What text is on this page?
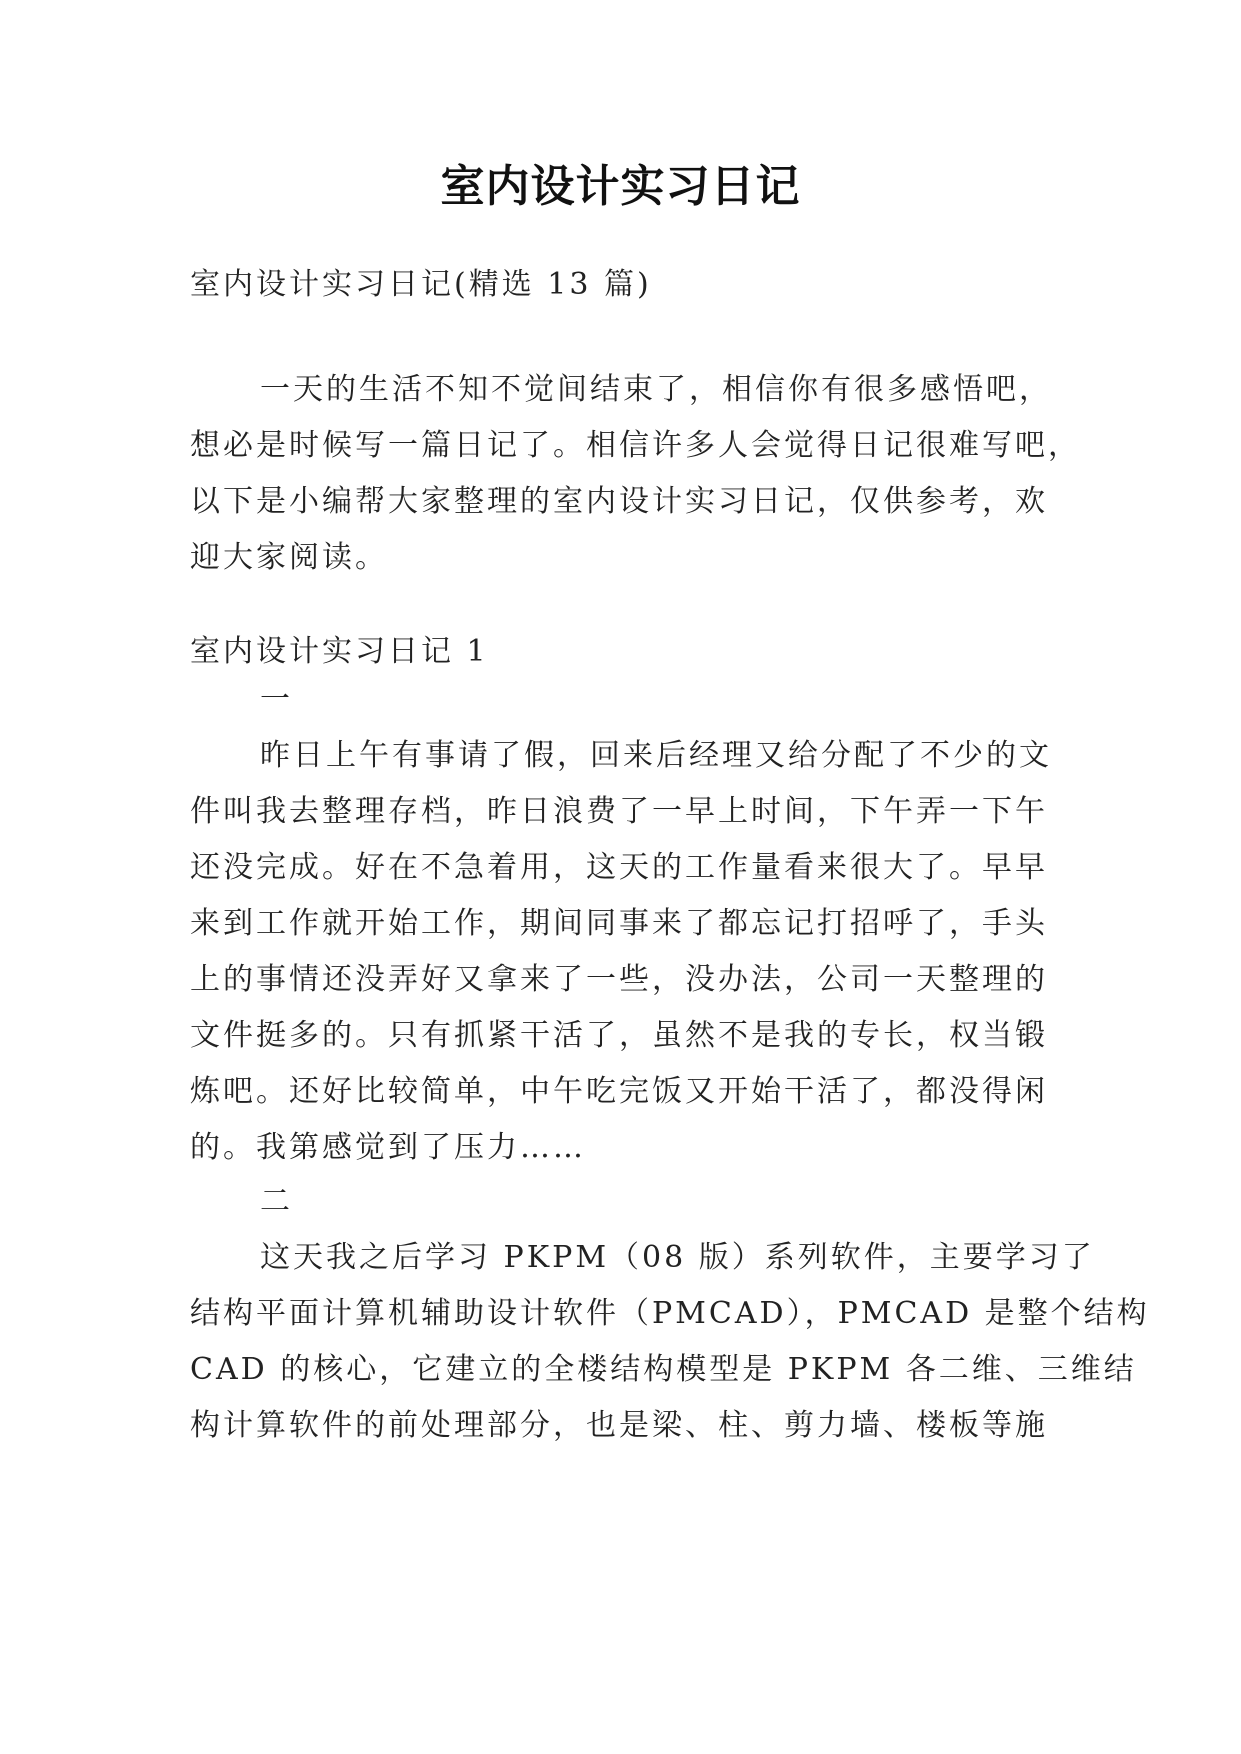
室内设计实习日记
室内设计实习日记(精选 13 篇)
一天的生活不知不觉间结束了，相信你有很多感悟吧，
想必是时候写一篇日记了。相信许多人会觉得日记很难写吧，
以下是小编帮大家整理的室内设计实习日记，仅供参考，欢
迎大家阅读。
室内设计实习日记 1
一
昨日上午有事请了假，回来后经理又给分配了不少的文
件叫我去整理存档，昨日浪费了一早上时间，下午弄一下午
还没完成。好在不急着用，这天的工作量看来很大了。早早
来到工作就开始工作，期间同事来了都忘记打招呼了，手头
上的事情还没弄好又拿来了一些，没办法，公司一天整理的
文件挺多的。只有抓紧干活了，虽然不是我的专长，权当锻
炼吧。还好比较简单，中午吃完饭又开始干活了，都没得闲
的。我第感觉到了压力……
二
这天我之后学习 PKPM（08 版）系列软件，主要学习了
结构平面计算机辅助设计软件（PMCAD），PMCAD 是整个结构
CAD 的核心，它建立的全楼结构模型是 PKPM 各二维、三维结
构计算软件的前处理部分，也是梁、柱、剪力墙、楼板等施
